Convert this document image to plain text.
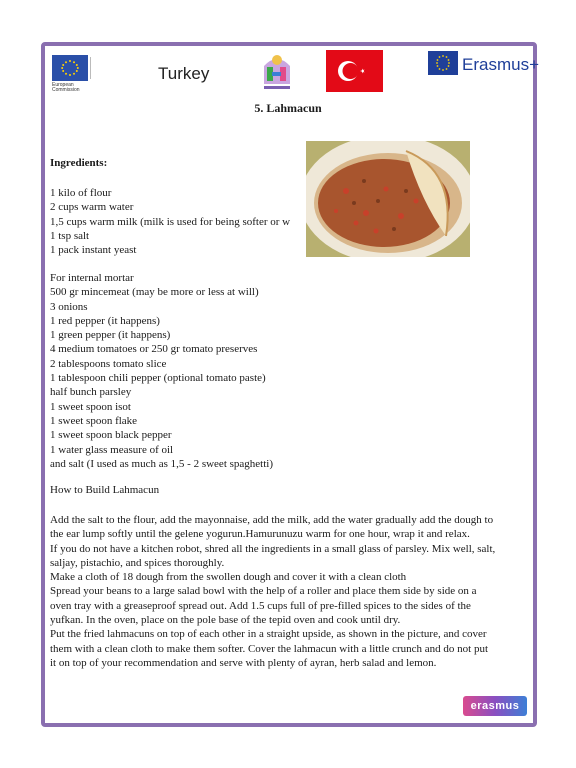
European
Commission
Turkey	Erasmus+
5. Lahmacun
Ingredients:
1 kilo of flour
2 cups warm water
1,5 cups warm milk (milk is used for being softer or w
1 tsp salt
1 pack instant yeast
For internal mortar
500 gr mincemeat (may be more or less at will)
3 onions
1 red pepper (it happens)
1 green pepper (it happens)
4 medium tomatoes or 250 gr tomato preserves
2 tablespoons tomato slice
1 tablespoon chili pepper (optional tomato paste)
half bunch parsley
1 sweet spoon isot
1 sweet spoon flake
1 sweet spoon black pepper
1 water glass measure of oil
and salt (I used as much as 1,5 - 2 sweet spaghetti)
How to Build Lahmacun
Add the salt to the flour, add the mayonnaise, add the milk, add the water gradually add the dough to
the ear lump softly until the gelene yogurun.Hamurunuzu warm for one hour, wrap it and relax.
If you do not have a kitchen robot, shred all the ingredients in a small glass of parsley. Mix well, salt,
saljay, pistachio, and spices thoroughly.
Make a cloth of 18 dough from the swollen dough and cover it with a clean cloth
Spread your beans to a large salad bowl with the help of a roller and place them side by side on a
oven tray with a greaseproof spread out. Add 1.5 cups full of pre-filled spices to the sides of the
yufkan. In the oven, place on the pole base of the tepid oven and cook until dry.
Put the fried lahmacuns on top of each other in a straight upside, as shown in the picture, and cover
them with a clean cloth to make them softer. Cover the lahmacun with a little crunch and do not put
it on top of your recommendation and serve with plenty of ayran, herb salad and lemon.
erasmus
